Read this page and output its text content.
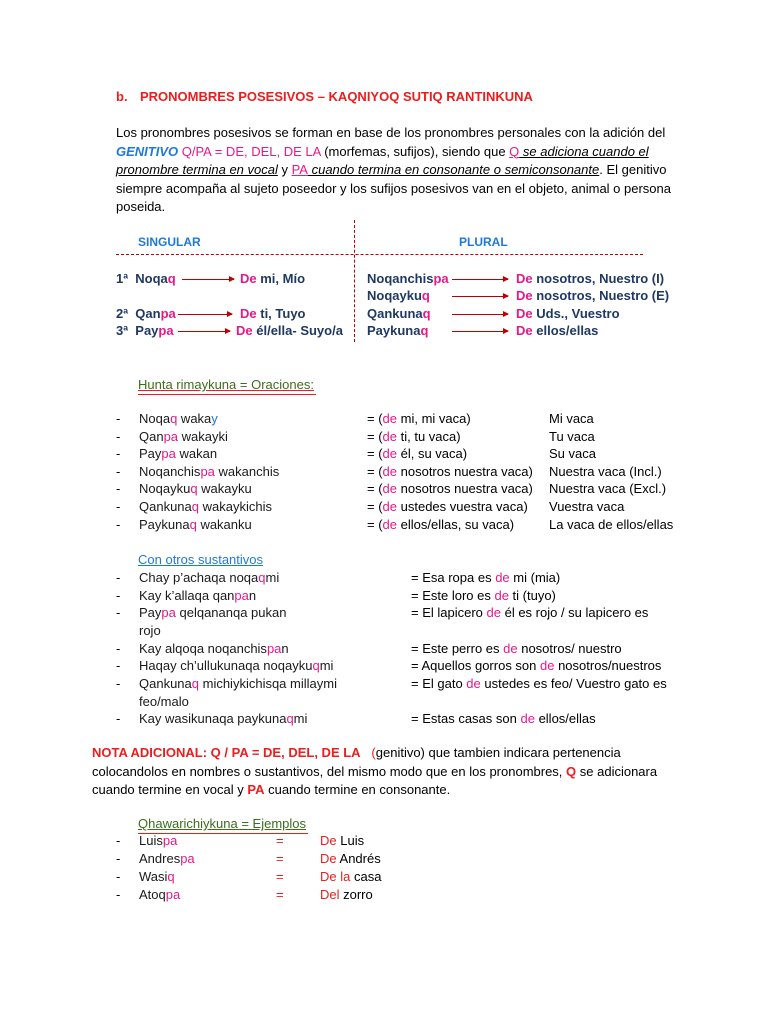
b. PRONOMBRES POSESIVOS – KAQNIYOQ SUTIQ RANTINKUNA
Los pronombres posesivos se forman en base de los pronombres personales con la adición del GENITIVO Q/PA = DE, DEL, DE LA (morfemas, sufijos), siendo que Q se adiciona cuando el pronombre termina en vocal y PA cuando termina en consonante o semiconsonante. El genitivo siempre acompaña al sujeto poseedor y los sufijos posesivos van en el objeto, animal o persona poseida.
SINGULAR	PLURAL
1ª Noqaq	De mi, Mío
2ª Qanpa	De ti, Tuyo
3ª Paypa	De él/ella- Suyo/a
Noqanchispa	De nosotros, Nuestro (I)
Noqaykuq	De nosotros, Nuestro (E)
Qankunaq	De Uds., Vuestro
Paykunaq	De ellos/ellas
Hunta rimaykuna = Oraciones:
- Noqaq wakay	= (de mi, mi vaca)	Mi vaca
- Qanpa wakayki	= (de ti, tu vaca)	Tu vaca
- Paypa wakan	= (de él, su vaca)	Su vaca
- Noqanchispa wakanchis	= (de nosotros nuestra vaca) Nuestra vaca (Incl.)
- Noqaykuq wakayku	= (de nosotros nuestra vaca) Nuestra vaca (Excl.)
- Qankunaq wakaykichis	= (de ustedes vuestra vaca) Vuestra vaca
- Paykunaq wakanku	= (de ellos/ellas, su vaca)	La vaca de ellos/ellas
Con otros sustantivos
- Chay p’achaqa noqaqmi	= Esa ropa es de mi (mia)
- Kay k’allaqa qanpan	= Este loro es de ti (tuyo)
- Paypa qelqananqa pukan	= El lapicero de él es rojo / su lapicero es
rojo
- Kay alqoqa noqanchispan	= Este perro es de nosotros/ nuestro
- Haqay ch’ullukunaqa noqaykuqmi	= Aquellos gorros son de nosotros/nuestros
- Qankunaq michiykichisqa millaymi	= El gato de ustedes es feo/ Vuestro gato es
feo/malo
- Kay wasikunaqa paykunaqmi	= Estas casas son de ellos/ellas
NOTA ADICIONAL: Q / PA = DE, DEL, DE LA (genitivo) que tambien indicara pertenencia colocandolos en nombres o sustantivos, del mismo modo que en los pronombres, Q se adicionara cuando termine en vocal y PA cuando termine en consonante.
Qhawarichiykuna = Ejemplos
- Luispa	=	De Luis
- Andrespa	=	De Andrés
- Wasiq	=	De la casa
- Atoqpa	=	Del zorro
